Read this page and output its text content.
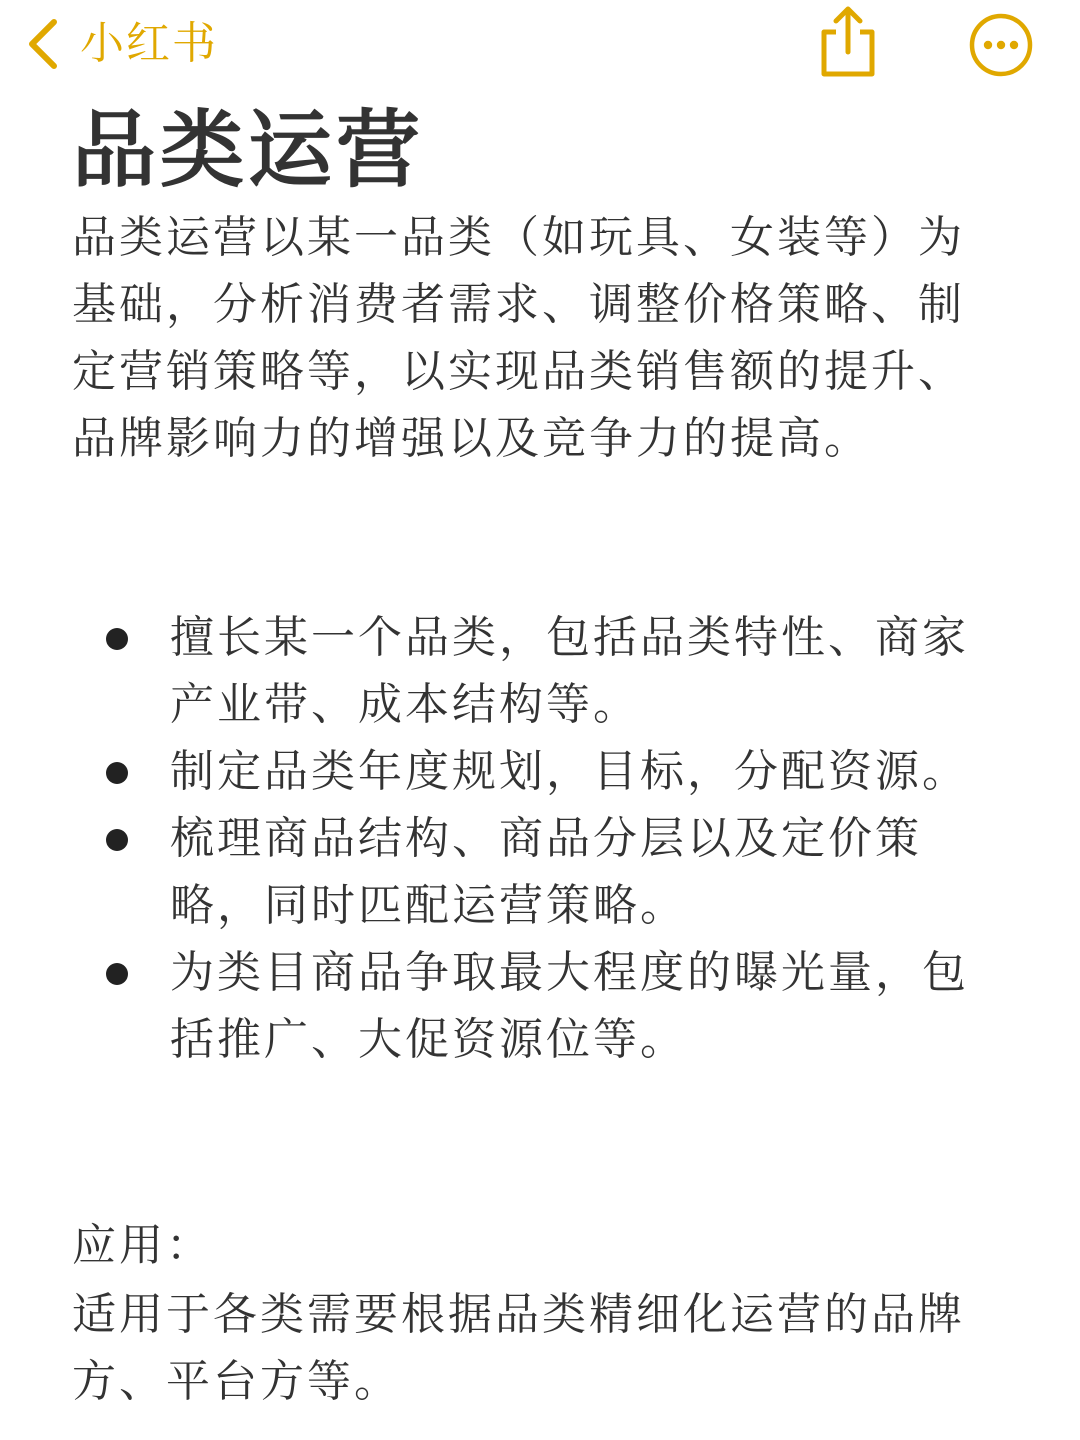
小红书
品类运营

品类运营以某一品类（如玩具、女装等）为基础，分析消费者需求、调整价格策略、制定营销策略等，以实现品类销售额的提升、品牌影响力的增强以及竞争力的提高。

擅长某一个品类，包括品类特性、商家产业带、成本结构等。
制定品类年度规划，目标，分配资源。
梳理商品结构、商品分层以及定价策略，同时匹配运营策略。
为类目商品争取最大程度的曝光量，包括推广、大促资源位等。

应用：

适用于各类需要根据品类精细化运营的品牌方、平台方等。
